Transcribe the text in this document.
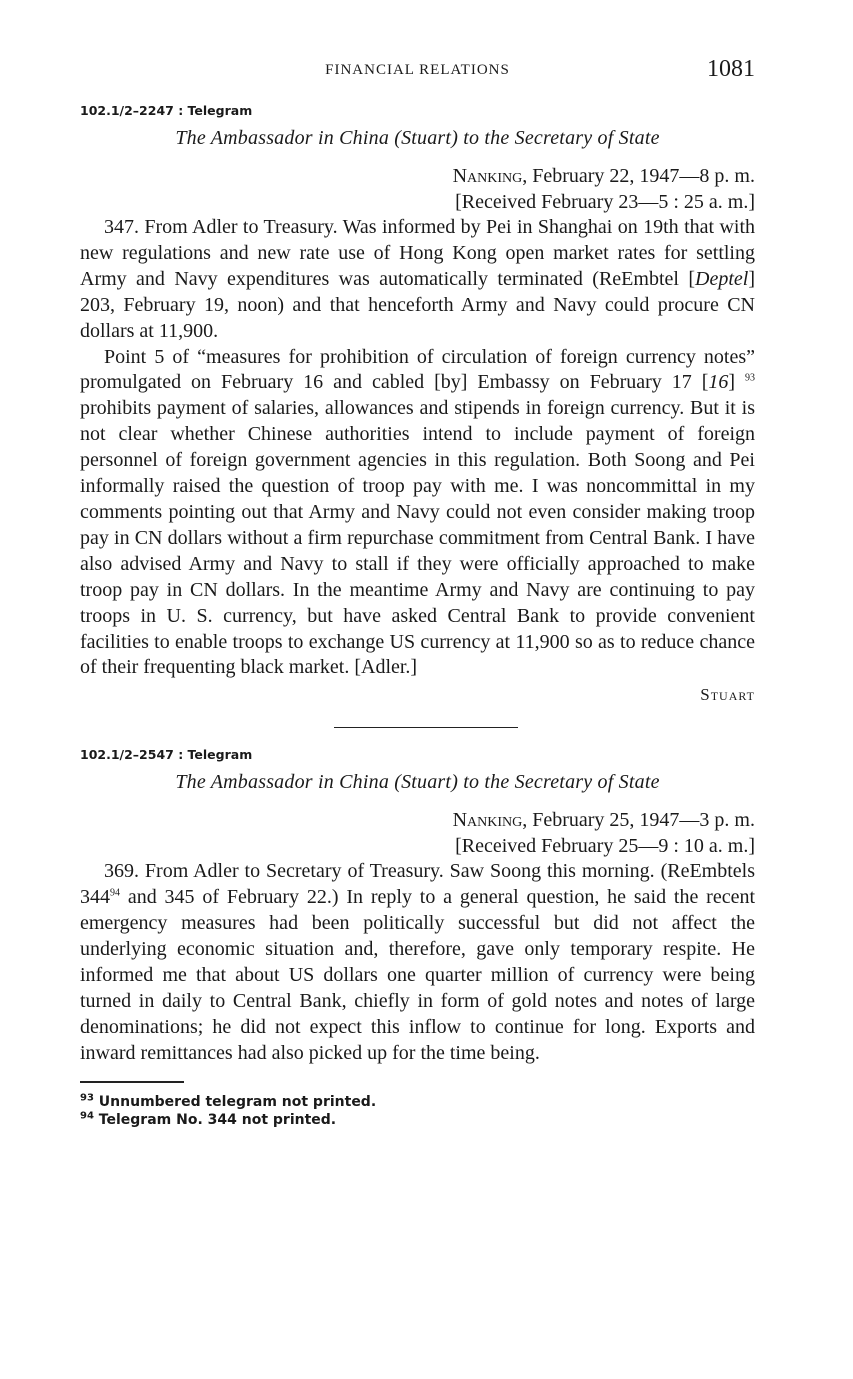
FINANCIAL RELATIONS	1081
102.1/2–2247 : Telegram
The Ambassador in China (Stuart) to the Secretary of State
Nanking, February 22, 1947—8 p. m.
[Received February 23—5 : 25 a. m.]

347. From Adler to Treasury. Was informed by Pei in Shanghai on 19th that with new regulations and new rate use of Hong Kong open market rates for settling Army and Navy expenditures was automatically terminated (ReEmbtel [Deptel] 203, February 19, noon) and that henceforth Army and Navy could procure CN dollars at 11,900.

Point 5 of “measures for prohibition of circulation of foreign currency notes” promulgated on February 16 and cabled [by] Embassy on February 17 [16] $^{93}$ prohibits payment of salaries, allowances and stipends in foreign currency. But it is not clear whether Chinese authorities intend to include payment of foreign personnel of foreign government agencies in this regulation. Both Soong and Pei informally raised the question of troop pay with me. I was noncommittal in my comments pointing out that Army and Navy could not even consider making troop pay in CN dollars without a firm repurchase commitment from Central Bank. I have also advised Army and Navy to stall if they were officially approached to make troop pay in CN dollars. In the meantime Army and Navy are continuing to pay troops in U. S. currency, but have asked Central Bank to provide convenient facilities to enable troops to exchange US currency at 11,900 so as to reduce chance of their frequenting black market. [Adler.]

Stuart
102.1/2–2547 : Telegram
The Ambassador in China (Stuart) to the Secretary of State
Nanking, February 25, 1947—3 p. m.
[Received February 25—9 : 10 a. m.]

369. From Adler to Secretary of Treasury. Saw Soong this morning. (ReEmbtels $344^{94}$ and 345 of February 22.) In reply to a general question, he said the recent emergency measures had been politically successful but did not affect the underlying economic situation and, therefore, gave only temporary respite. He informed me that about US dollars one quarter million of currency were being turned in daily to Central Bank, chiefly in form of gold notes and notes of large denominations; he did not expect this inflow to continue for long. Exports and inward remittances had also picked up for the time being.

$^{93}$ Unnumbered telegram not printed.
$^{94}$ Telegram No. 344 not printed.
